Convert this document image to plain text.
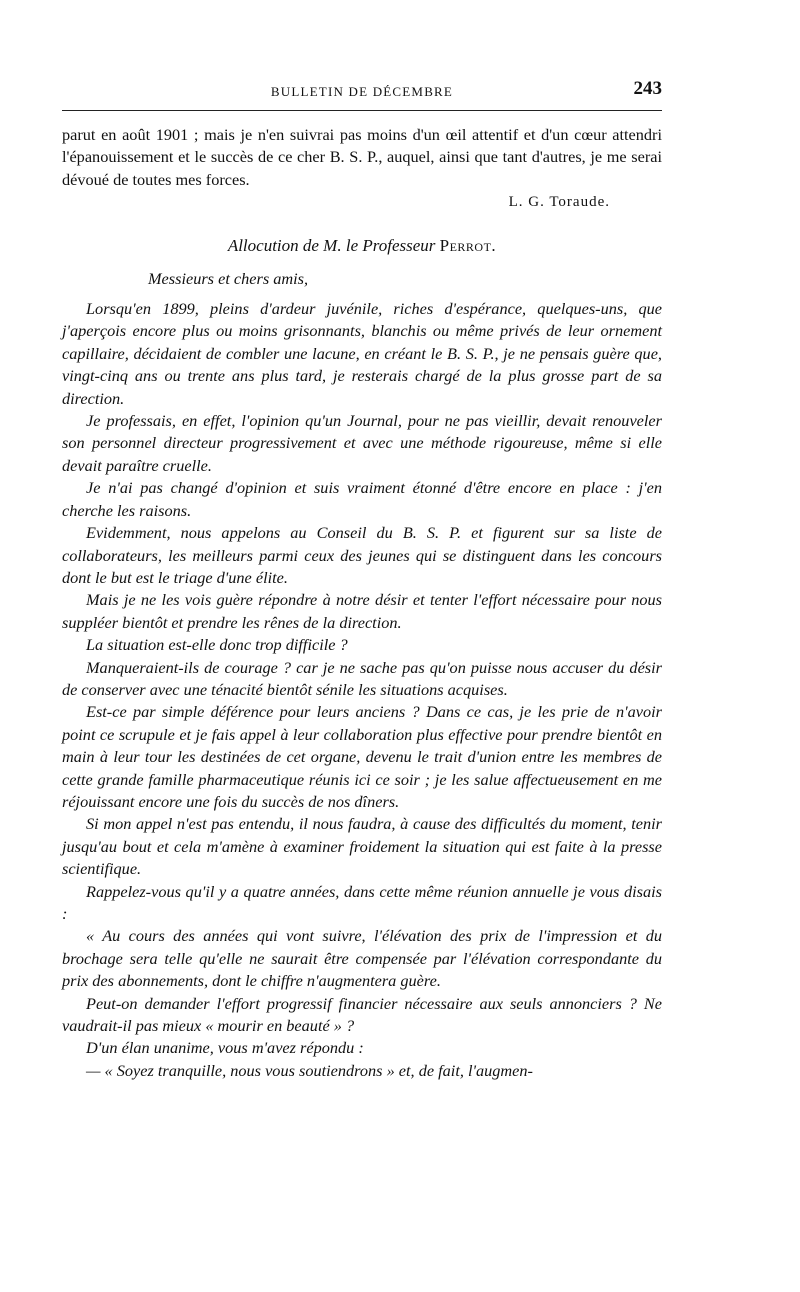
BULLETIN DE DÉCEMBRE	243

parut en août 1901 ; mais je n'en suivrai pas moins d'un œil attentif et d'un cœur attendri l'épanouissement et le succès de ce cher B. S. P., auquel, ainsi que tant d'autres, je me serai dévoué de toutes mes forces.

L. G. Toraude.

Allocution de M. le Professeur Perrot.

Messieurs et chers amis,

Lorsqu'en 1899, pleins d'ardeur juvénile, riches d'espérance, quelques-uns, que j'aperçois encore plus ou moins grisonnants, blanchis ou même privés de leur ornement capillaire, décidaient de combler une lacune, en créant le B. S. P., je ne pensais guère que, vingt-cinq ans ou trente ans plus tard, je resterais chargé de la plus grosse part de sa direction.

Je professais, en effet, l'opinion qu'un Journal, pour ne pas vieillir, devait renouveler son personnel directeur progressivement et avec une méthode rigoureuse, même si elle devait paraître cruelle.

Je n'ai pas changé d'opinion et suis vraiment étonné d'être encore en place : j'en cherche les raisons.

Evidemment, nous appelons au Conseil du B. S. P. et figurent sur sa liste de collaborateurs, les meilleurs parmi ceux des jeunes qui se distinguent dans les concours dont le but est le triage d'une élite.

Mais je ne les vois guère répondre à notre désir et tenter l'effort nécessaire pour nous suppléer bientôt et prendre les rênes de la direction.

La situation est-elle donc trop difficile ?

Manqueraient-ils de courage ? car je ne sache pas qu'on puisse nous accuser du désir de conserver avec une ténacité bientôt sénile les situations acquises.

Est-ce par simple déférence pour leurs anciens ? Dans ce cas, je les prie de n'avoir point ce scrupule et je fais appel à leur collaboration plus effective pour prendre bientôt en main à leur tour les destinées de cet organe, devenu le trait d'union entre les membres de cette grande famille pharmaceutique réunis ici ce soir ; je les salue affectueusement en me réjouissant encore une fois du succès de nos dîners.

Si mon appel n'est pas entendu, il nous faudra, à cause des difficultés du moment, tenir jusqu'au bout et cela m'amène à examiner froidement la situation qui est faite à la presse scientifique.

Rappelez-vous qu'il y a quatre années, dans cette même réunion annuelle je vous disais :

« Au cours des années qui vont suivre, l'élévation des prix de l'impression et du brochage sera telle qu'elle ne saurait être compensée par l'élévation correspondante du prix des abonnements, dont le chiffre n'augmentera guère.

Peut-on demander l'effort progressif financier nécessaire aux seuls annonciers ? Ne vaudrait-il pas mieux « mourir en beauté » ?

D'un élan unanime, vous m'avez répondu :

— « Soyez tranquille, nous vous soutiendrons » et, de fait, l'augmen-
